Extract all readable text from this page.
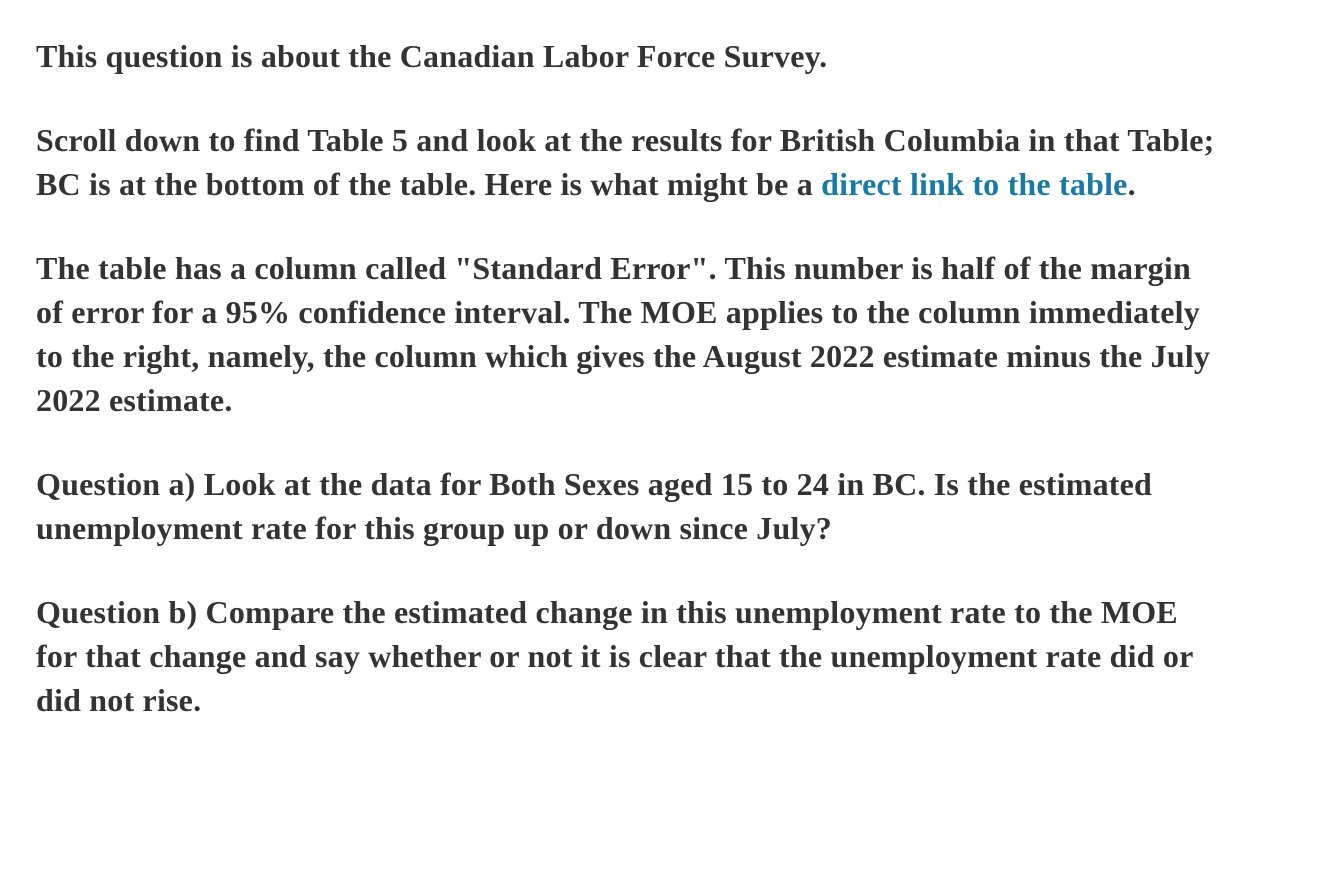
This question is about the Canadian Labor Force Survey.

Scroll down to find Table 5 and look at the results for British Columbia in that Table; BC is at the bottom of the table. Here is what might be a direct link to the table.

The table has a column called "Standard Error". This number is half of the margin of error for a 95% confidence interval. The MOE applies to the column immediately to the right, namely, the column which gives the August 2022 estimate minus the July 2022 estimate.

Question a) Look at the data for Both Sexes aged 15 to 24 in BC. Is the estimated unemployment rate for this group up or down since July?

Question b) Compare the estimated change in this unemployment rate to the MOE for that change and say whether or not it is clear that the unemployment rate did or did not rise.
